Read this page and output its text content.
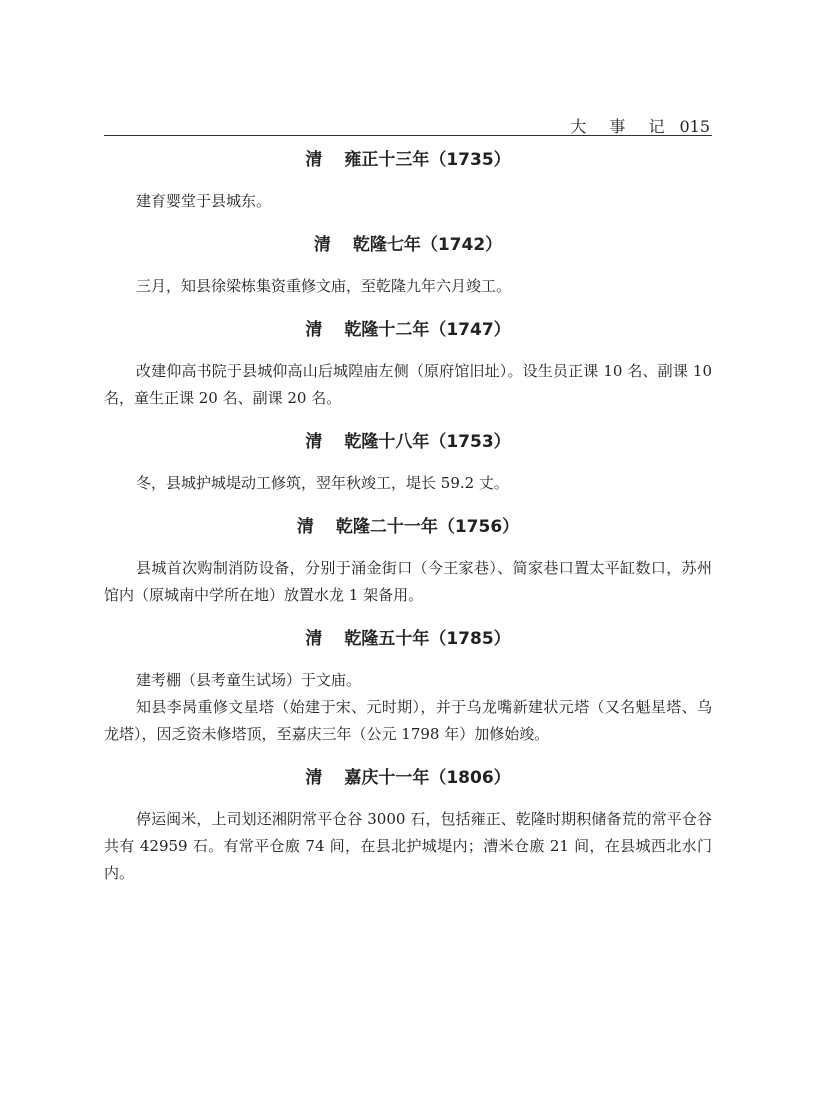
大 事 记 015
清 雍正十三年（1735）

建育婴堂于县城东。

清 乾隆七年（1742）

三月，知县徐梁栋集资重修文庙，至乾隆九年六月竣工。

清 乾隆十二年（1747）

改建仰高书院于县城仰高山后城隍庙左侧（原府馆旧址）。设生员正课 10 名、副课 10 名，童生正课 20 名、副课 20 名。

清 乾隆十八年（1753）

冬，县城护城堤动工修筑，翌年秋竣工，堤长 59.2 丈。

清 乾隆二十一年（1756）

县城首次购制消防设备，分别于涌金街口（今王家巷）、简家巷口置太平缸数口，苏州馆内（原城南中学所在地）放置水龙 1 架备用。

清 乾隆五十年（1785）

建考棚（县考童生试场）于文庙。

知县李昺重修文星塔（始建于宋、元时期），并于乌龙嘴新建状元塔（又名魁星塔、乌龙塔），因乏资未修塔顶，至嘉庆三年（公元 1798 年）加修始竣。

清 嘉庆十一年（1806）

停运闽米，上司划还湘阴常平仓谷 3000 石，包括雍正、乾隆时期积储备荒的常平仓谷共有 42959 石。有常平仓廒 74 间，在县北护城堤内；漕米仓廒 21 间，在县城西北水门内。
